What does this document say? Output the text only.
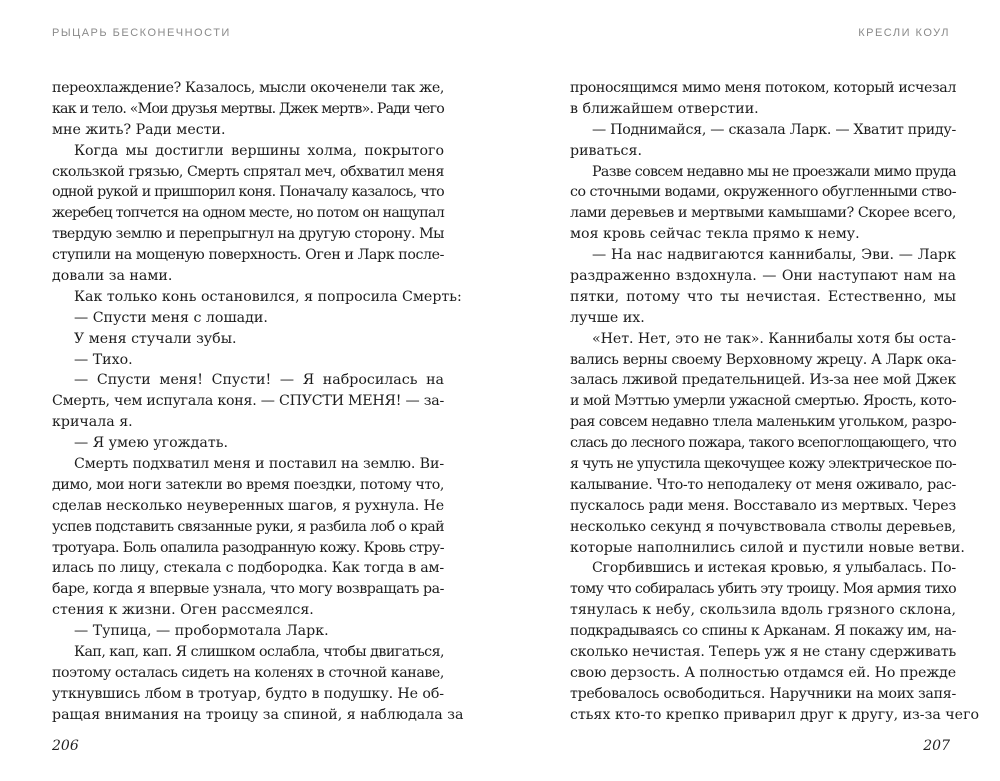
РЫЦАРЬ БЕСКОНЕЧНОСТИ
переохлаждение? Казалось, мысли окоченели так же,
как и тело. «Мои друзья мертвы. Джек мертв». Ради чего
мне жить? Ради мести.
Когда мы достигли вершины холма, покрытого
скользкой грязью, Смерть спрятал меч, обхватил меня
одной рукой и пришпорил коня. Поначалу казалось, что
жеребец топчется на одном месте, но потом он нащупал
твердую землю и перепрыгнул на другую сторону. Мы
ступили на мощеную поверхность. Оген и Ларк после-
довали за нами.
Как только конь остановился, я попросила Смерть:
— Спусти меня с лошади.
У меня стучали зубы.
— Тихо.
— Спусти меня! Спусти! — Я набросилась на
Смерть, чем испугала коня. — СПУСТИ МЕНЯ! — за-
кричала я.
— Я умею угождать.
Смерть подхватил меня и поставил на землю. Ви-
димо, мои ноги затекли во время поездки, потому что,
сделав несколько неуверенных шагов, я рухнула. Не
успев подставить связанные руки, я разбила лоб о край
тротуара. Боль опалила разодранную кожу. Кровь стру-
илась по лицу, стекала с подбородка. Как тогда в ам-
баре, когда я впервые узнала, что могу возвращать ра-
стения к жизни. Оген рассмеялся.
— Тупица, — пробормотала Ларк.
Кап, кап, кап. Я слишком ослабла, чтобы двигаться,
поэтому осталась сидеть на коленях в сточной канаве,
уткнувшись лбом в тротуар, будто в подушку. Не об-
ращая внимания на троицу за спиной, я наблюдала за
206
КРЕСЛИ КОУЛ
проносящимся мимо меня потоком, который исчезал
в ближайшем отверстии.
— Поднимайся, — сказала Ларк. — Хватит приду-
риваться.
Разве совсем недавно мы не проезжали мимо пруда
со сточными водами, окруженного обугленными ство-
лами деревьев и мертвыми камышами? Скорее всего,
моя кровь сейчас текла прямо к нему.
— На нас надвигаются каннибалы, Эви. — Ларк
раздраженно вздохнула. — Они наступают нам на
пятки, потому что ты нечистая. Естественно, мы
лучше их.
«Нет. Нет, это не так». Каннибалы хотя бы оста-
вались верны своему Верховному жрецу. А Ларк ока-
залась лживой предательницей. Из-за нее мой Джек
и мой Мэттью умерли ужасной смертью. Ярость, кото-
рая совсем недавно тлела маленьким угольком, разро-
слась до лесного пожара, такого всепоглощающего, что
я чуть не упустила щекочущее кожу электрическое по-
калывание. Что-то неподалеку от меня оживало, рас-
пускалось ради меня. Восставало из мертвых. Через
несколько секунд я почувствовала стволы деревьев,
которые наполнились силой и пустили новые ветви.
Сгорбившись и истекая кровью, я улыбалась. По-
тому что собиралась убить эту троицу. Моя армия тихо
тянулась к небу, скользила вдоль грязного склона,
подкрадываясь со спины к Арканам. Я покажу им, на-
сколько нечистая. Теперь уж я не стану сдерживать
свою дерзость. А полностью отдамся ей. Но прежде
требовалось освободиться. Наручники на моих запя-
стьях кто-то крепко приварил друг к другу, из-за чего
207
